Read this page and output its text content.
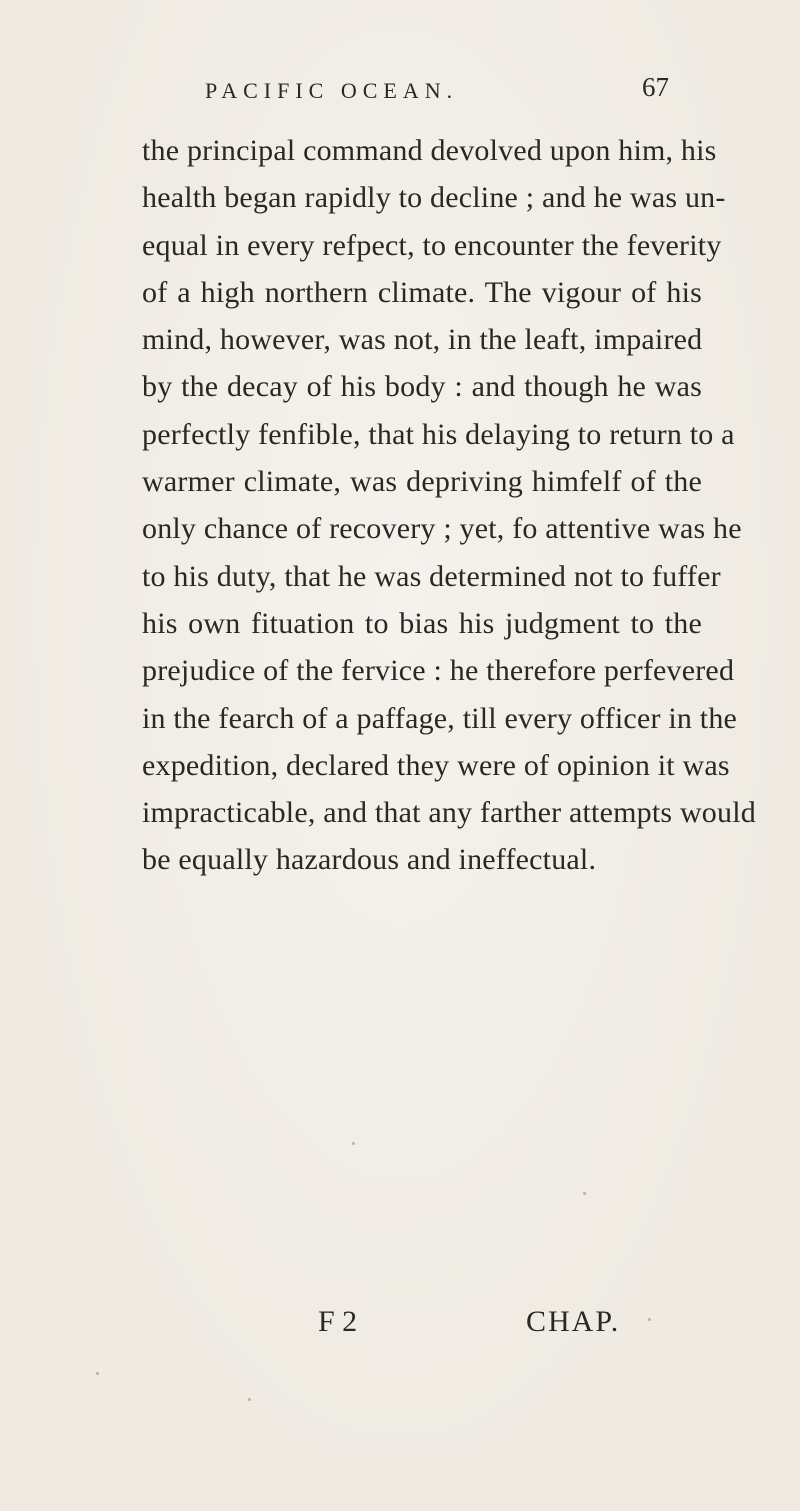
PACIFIC OCEAN.	67
the principal command devolved upon him, his
health began rapidly to decline ; and he was un-
equal in every refpect, to encounter the feverity
of a high northern climate. The vigour of his
mind, however, was not, in the leaft, impaired
by the decay of his body : and though he was
perfectly fenfible, that his delaying to return to a
warmer climate, was depriving himfelf of the
only chance of recovery ; yet, fo attentive was he
to his duty, that he was determined not to fuffer
his own fituation to bias his judgment to the
prejudice of the fervice : he therefore perfevered
in the fearch of a paffage, till every officer in the
expedition, declared they were of opinion it was
impracticable, and that any farther attempts would
be equally hazardous and ineffectual.
F 2	CHAP.
